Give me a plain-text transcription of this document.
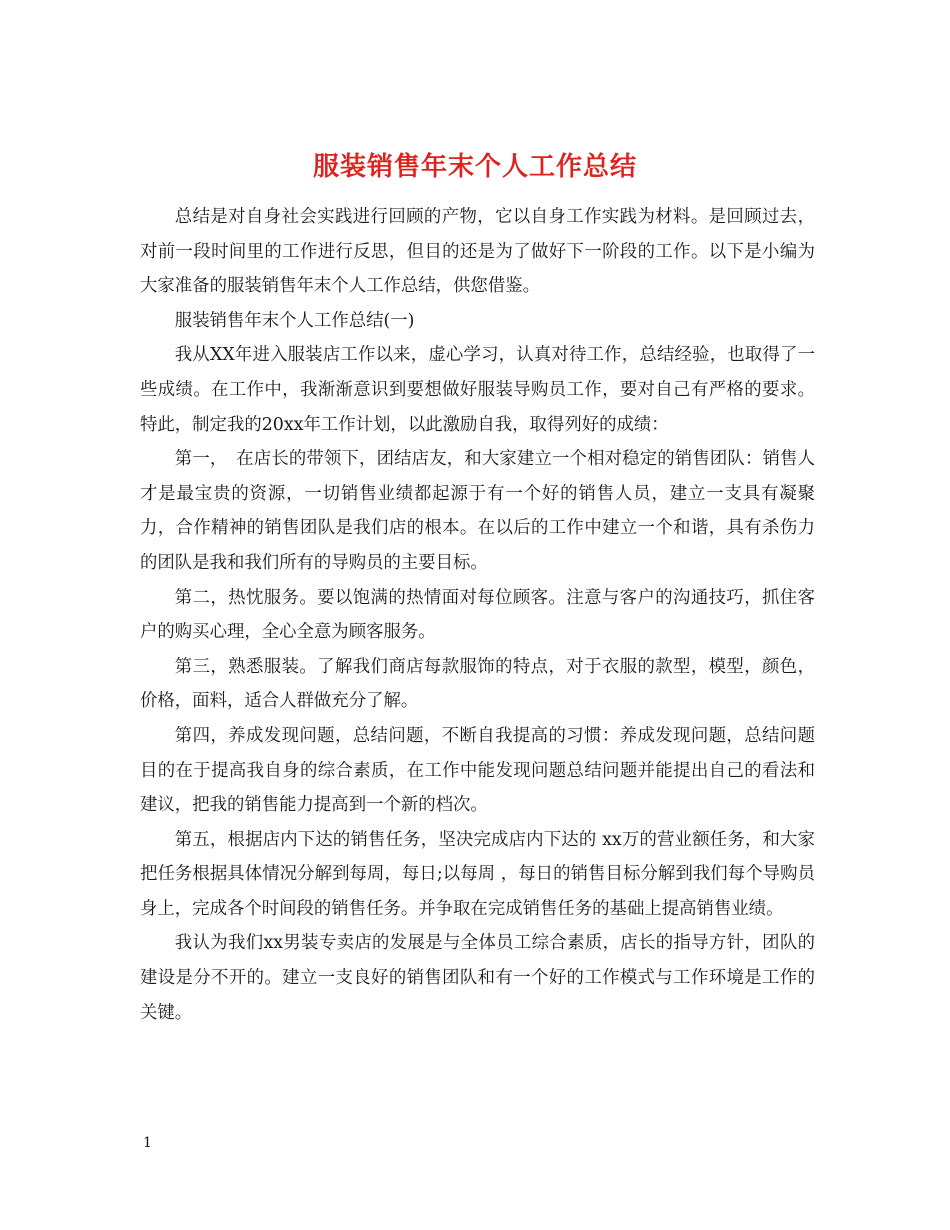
服装销售年末个人工作总结

总结是对自身社会实践进行回顾的产物，它以自身工作实践为材料。是回顾过去，对前一段时间里的工作进行反思，但目的还是为了做好下一阶段的工作。以下是小编为大家准备的服装销售年末个人工作总结，供您借鉴。

服装销售年末个人工作总结(一)

我从XX年进入服装店工作以来，虚心学习，认真对待工作，总结经验，也取得了一些成绩。在工作中，我渐渐意识到要想做好服装导购员工作，要对自己有严格的要求。特此，制定我的20xx年工作计划，以此激励自我，取得列好的成绩：

第一，　在店长的带领下，团结店友，和大家建立一个相对稳定的销售团队：销售人才是最宝贵的资源，一切销售业绩都起源于有一个好的销售人员，建立一支具有凝聚力，合作精神的销售团队是我们店的根本。在以后的工作中建立一个和谐，具有杀伤力的团队是我和我们所有的导购员的主要目标。

第二，热忱服务。要以饱满的热情面对每位顾客。注意与客户的沟通技巧，抓住客户的购买心理，全心全意为顾客服务。

第三，熟悉服装。了解我们商店每款服饰的特点，对于衣服的款型，模型，颜色，价格，面料，适合人群做充分了解。

第四，养成发现问题，总结问题，不断自我提高的习惯：养成发现问题，总结问题目的在于提高我自身的综合素质，在工作中能发现问题总结问题并能提出自己的看法和建议，把我的销售能力提高到一个新的档次。

第五，根据店内下达的销售任务，坚决完成店内下达的 xx万的营业额任务，和大家把任务根据具体情况分解到每周，每日;以每周 ，每日的销售目标分解到我们每个导购员身上，完成各个时间段的销售任务。并争取在完成销售任务的基础上提高销售业绩。

我认为我们xx男装专卖店的发展是与全体员工综合素质，店长的指导方针，团队的建设是分不开的。建立一支良好的销售团队和有一个好的工作模式与工作环境是工作的关键。

1
